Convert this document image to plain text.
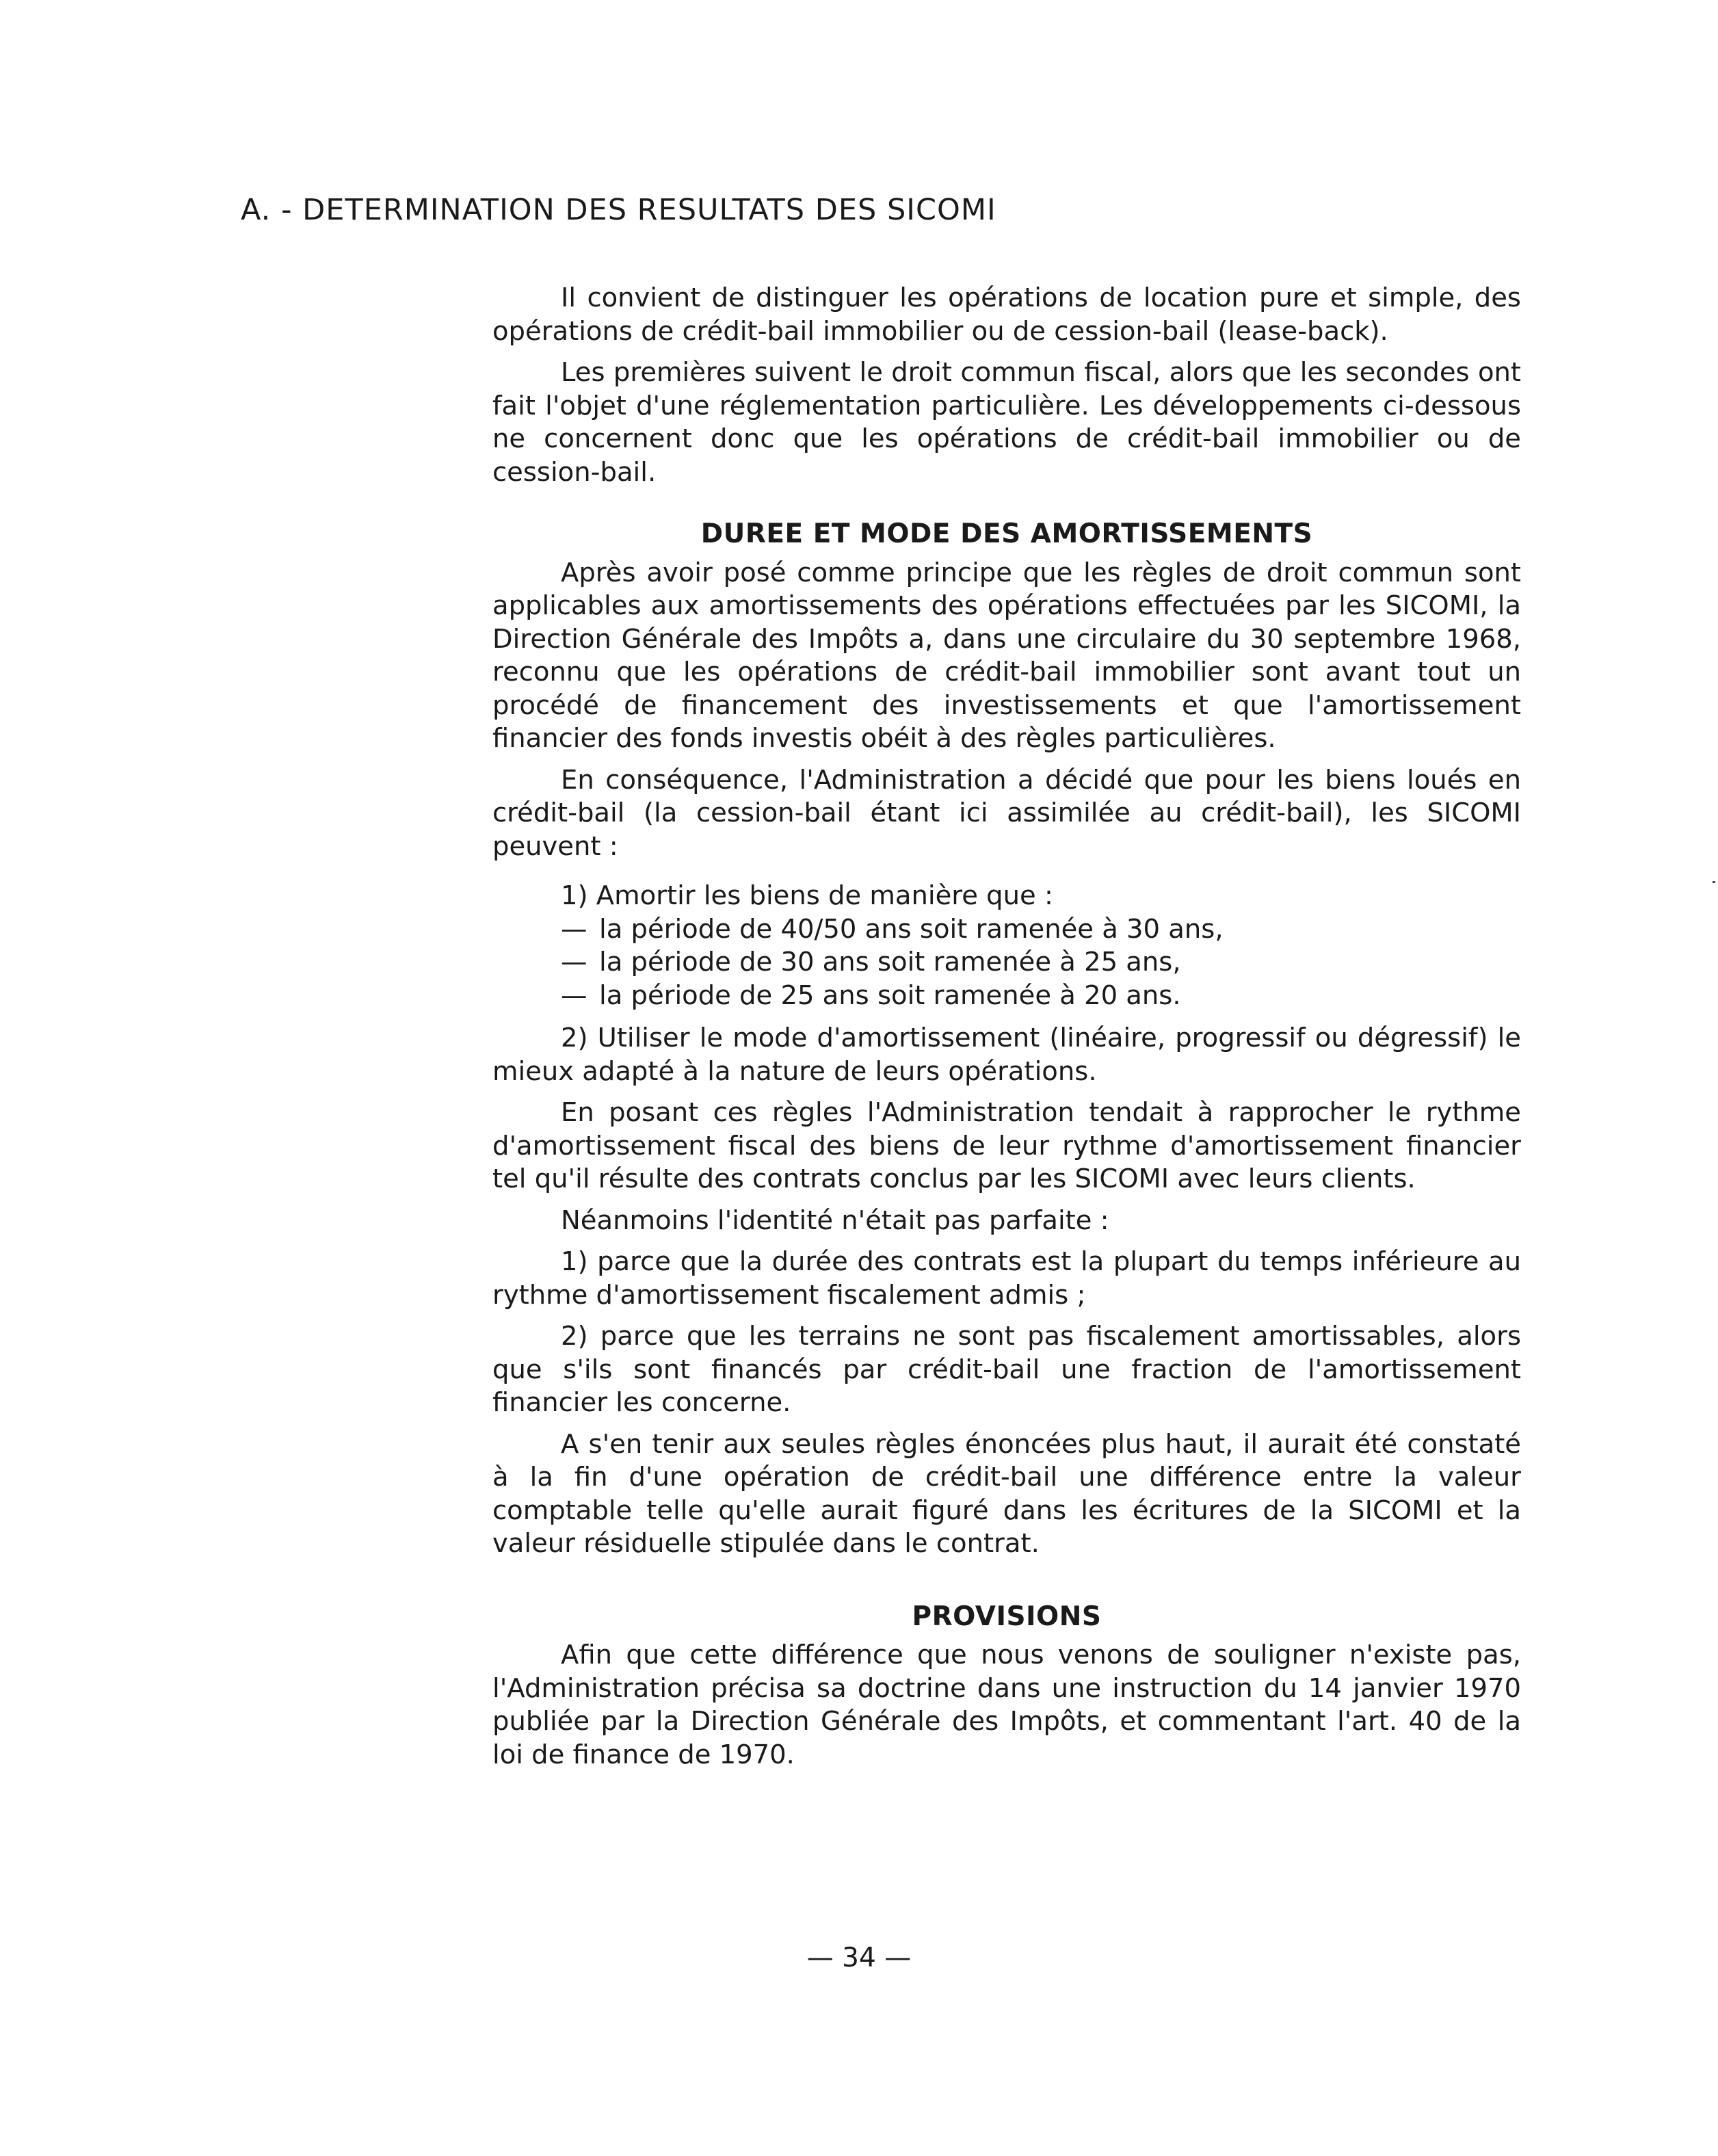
A. - DETERMINATION DES RESULTATS DES SICOMI

Il convient de distinguer les opérations de location pure et simple, des opérations de crédit-bail immobilier ou de cession-bail (lease-back).

Les premières suivent le droit commun fiscal, alors que les secondes ont fait l'objet d'une réglementation particulière. Les développements ci-dessous ne concernent donc que les opérations de crédit-bail immobilier ou de cession-bail.

DUREE ET MODE DES AMORTISSEMENTS

Après avoir posé comme principe que les règles de droit commun sont applicables aux amortissements des opérations effectuées par les SICOMI, la Direction Générale des Impôts a, dans une circulaire du 30 septembre 1968, reconnu que les opérations de crédit-bail immobilier sont avant tout un procédé de financement des investissements et que l'amortissement financier des fonds investis obéit à des règles particulières.

En conséquence, l'Administration a décidé que pour les biens loués en crédit-bail (la cession-bail étant ici assimilée au crédit-bail), les SICOMI peuvent :

1) Amortir les biens de manière que :
— la période de 40/50 ans soit ramenée à 30 ans,
— la période de 30 ans soit ramenée à 25 ans,
— la période de 25 ans soit ramenée à 20 ans.

2) Utiliser le mode d'amortissement (linéaire, progressif ou dégressif) le mieux adapté à la nature de leurs opérations.

En posant ces règles l'Administration tendait à rapprocher le rythme d'amortissement fiscal des biens de leur rythme d'amortissement financier tel qu'il résulte des contrats conclus par les SICOMI avec leurs clients.

Néanmoins l'identité n'était pas parfaite :

1) parce que la durée des contrats est la plupart du temps inférieure au rythme d'amortissement fiscalement admis ;

2) parce que les terrains ne sont pas fiscalement amortissables, alors que s'ils sont financés par crédit-bail une fraction de l'amortissement financier les concerne.

A s'en tenir aux seules règles énoncées plus haut, il aurait été constaté à la fin d'une opération de crédit-bail une différence entre la valeur comptable telle qu'elle aurait figuré dans les écritures de la SICOMI et la valeur résiduelle stipulée dans le contrat.

PROVISIONS

Afin que cette différence que nous venons de souligner n'existe pas, l'Administration précisa sa doctrine dans une instruction du 14 janvier 1970 publiée par la Direction Générale des Impôts, et commentant l'art. 40 de la loi de finance de 1970.

— 34 —
